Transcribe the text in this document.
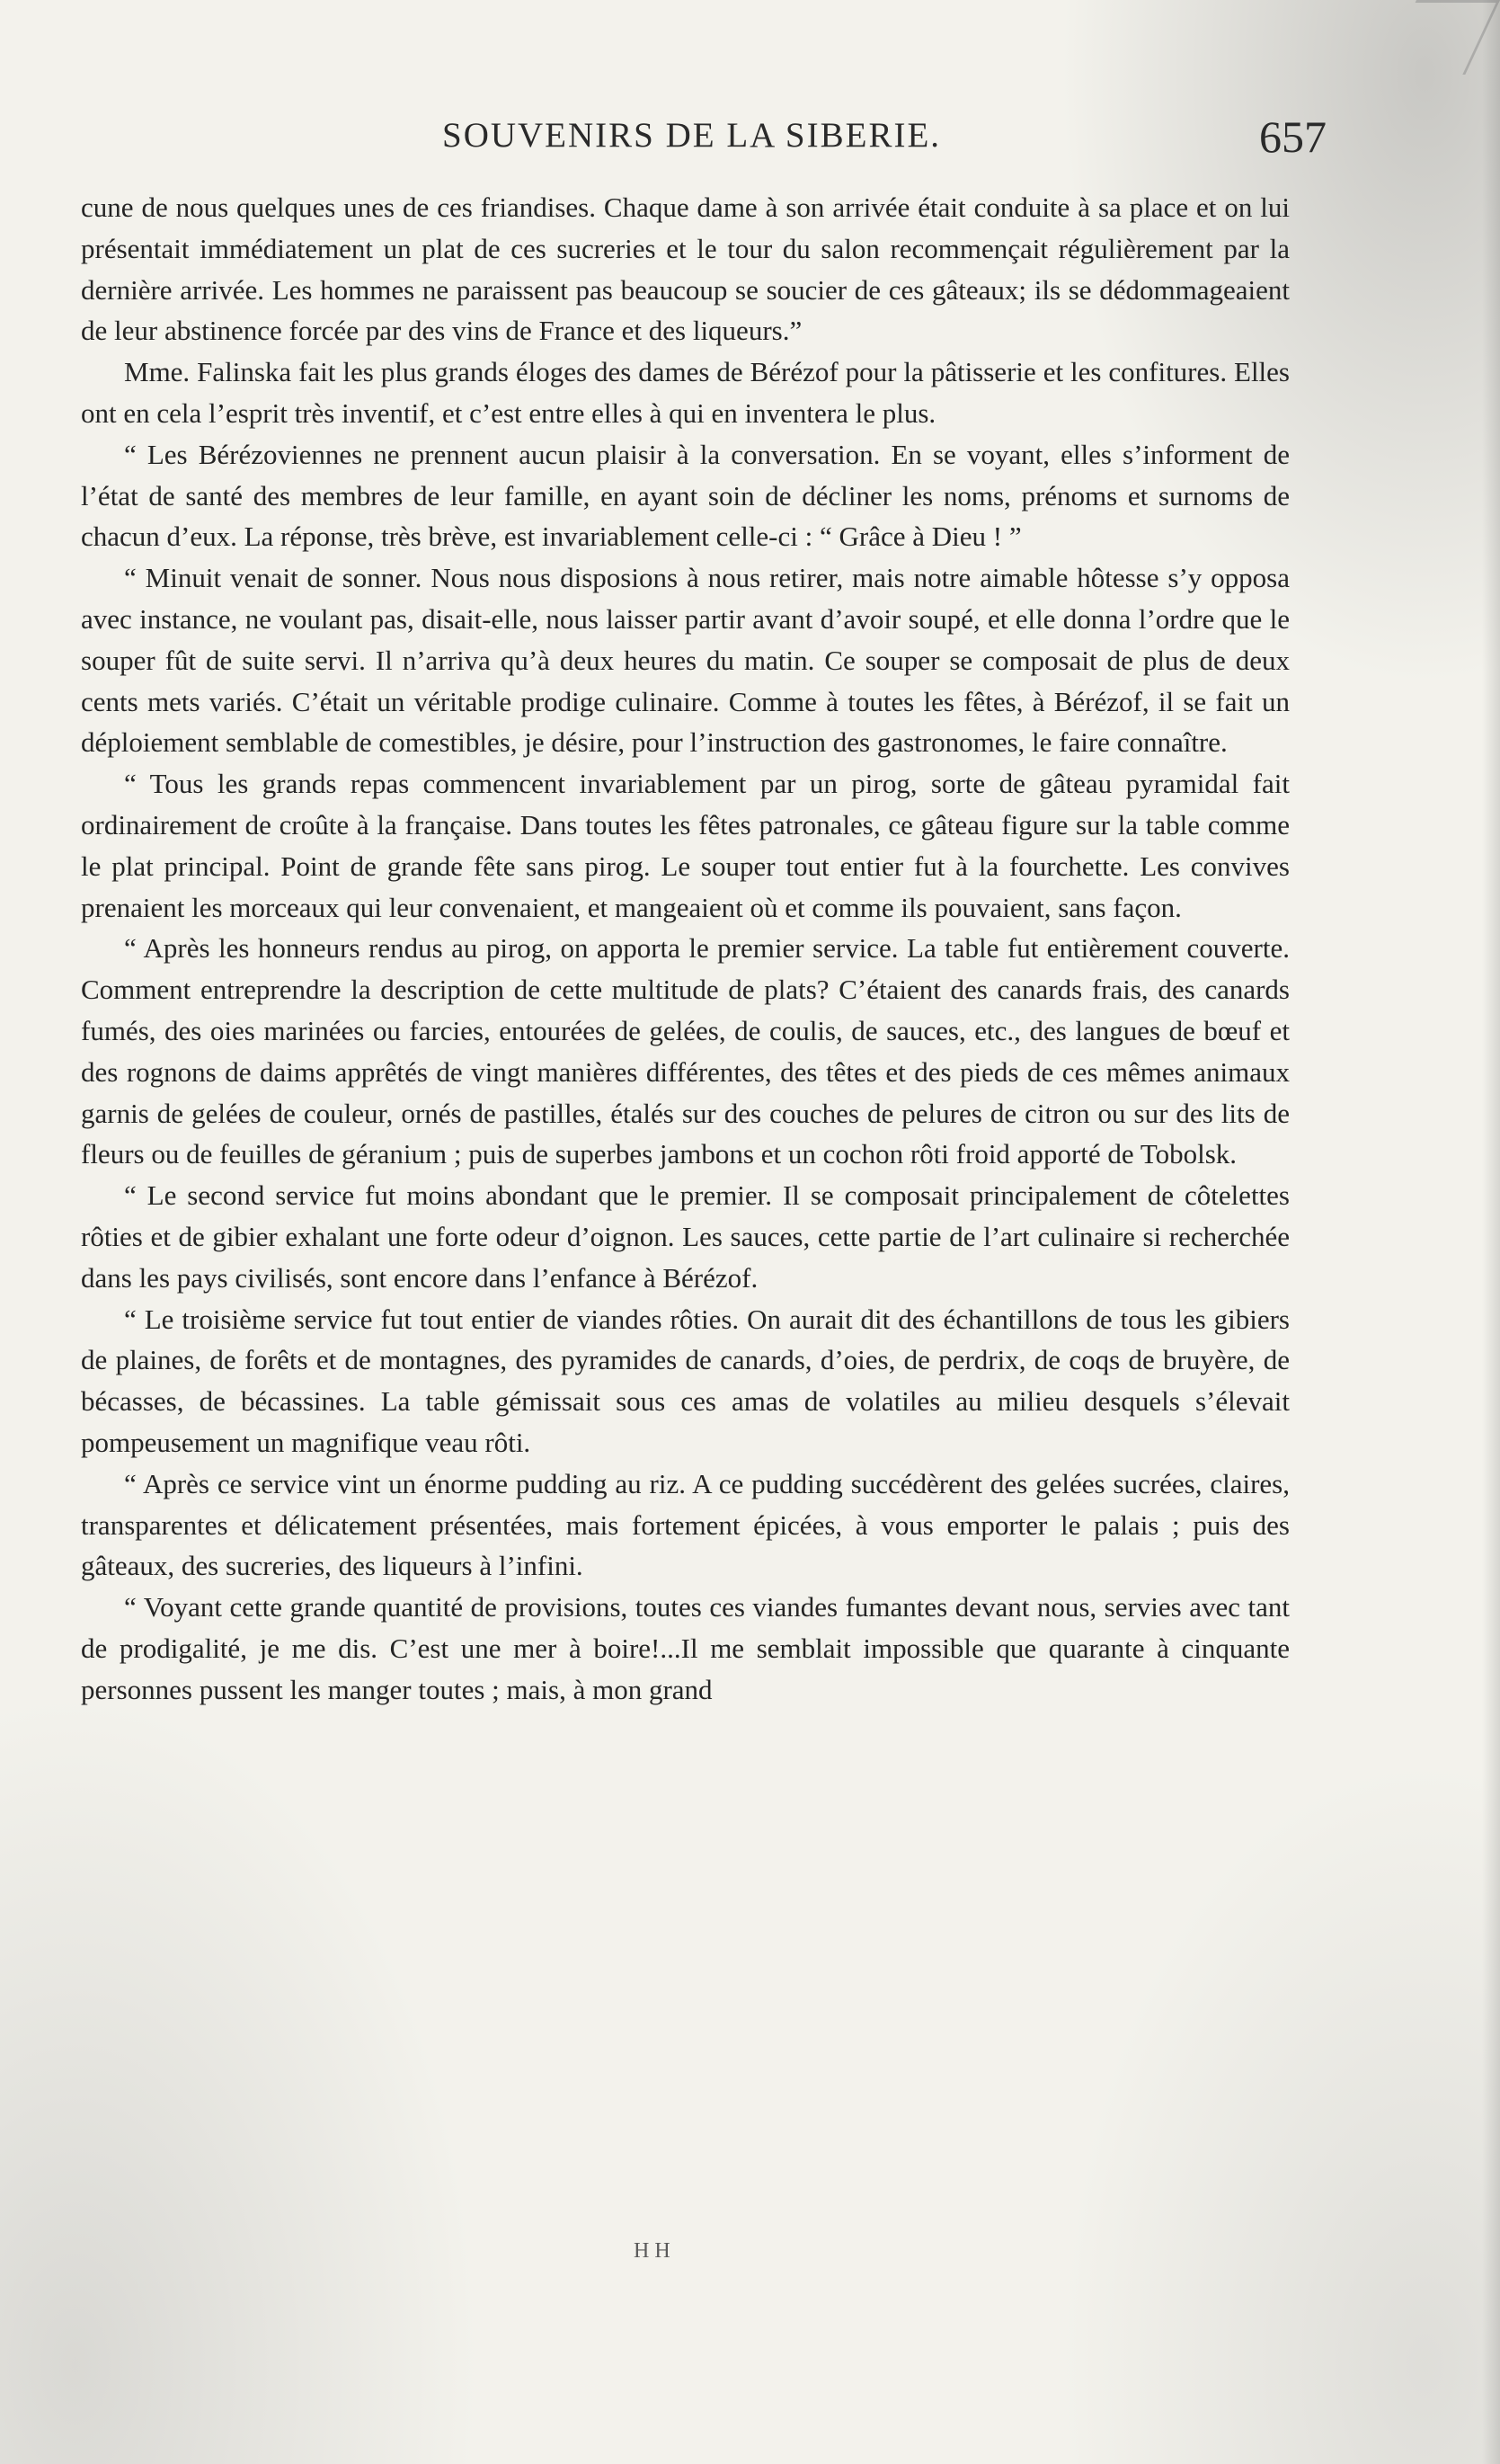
SOUVENIRS DE LA SIBERIE.	657

cune de nous quelques unes de ces friandises. Chaque dame à son arrivée était conduite à sa place et on lui présentait immédiatement un plat de ces sucreries et le tour du salon recommençait régulièrement par la dernière arrivée. Les hommes ne paraissent pas beaucoup se soucier de ces gâteaux; ils se dédommageaient de leur abstinence forcée par des vins de France et des liqueurs.”

Mme. Falinska fait les plus grands éloges des dames de Bérézof pour la pâtisserie et les confitures. Elles ont en cela l’esprit très inventif, et c’est entre elles à qui en inventera le plus.

“ Les Bérézoviennes ne prennent aucun plaisir à la conversation. En se voyant, elles s’informent de l’état de santé des membres de leur famille, en ayant soin de décliner les noms, prénoms et surnoms de chacun d’eux. La réponse, très brève, est invariablement celle-ci : “ Grâce à Dieu ! ”

“ Minuit venait de sonner. Nous nous disposions à nous retirer, mais notre aimable hôtesse s’y opposa avec instance, ne voulant pas, disait-elle, nous laisser partir avant d’avoir soupé, et elle donna l’ordre que le souper fût de suite servi. Il n’arriva qu’à deux heures du matin. Ce souper se composait de plus de deux cents mets variés. C’était un véritable prodige culinaire. Comme à toutes les fêtes, à Bérézof, il se fait un déploiement semblable de comestibles, je désire, pour l’instruction des gastronomes, le faire connaître.

“ Tous les grands repas commencent invariablement par un pirog, sorte de gâteau pyramidal fait ordinairement de croûte à la française. Dans toutes les fêtes patronales, ce gâteau figure sur la table comme le plat principal. Point de grande fête sans pirog. Le souper tout entier fut à la fourchette. Les convives prenaient les morceaux qui leur convenaient, et mangeaient où et comme ils pouvaient, sans façon.

“ Après les honneurs rendus au pirog, on apporta le premier service. La table fut entièrement couverte. Comment entreprendre la description de cette multitude de plats? C’étaient des canards frais, des canards fumés, des oies marinées ou farcies, entourées de gelées, de coulis, de sauces, etc., des langues de bœuf et des rognons de daims apprêtés de vingt manières différentes, des têtes et des pieds de ces mêmes animaux garnis de gelées de couleur, ornés de pastilles, étalés sur des couches de pelures de citron ou sur des lits de fleurs ou de feuilles de géranium ; puis de superbes jambons et un cochon rôti froid apporté de Tobolsk.

“ Le second service fut moins abondant que le premier. Il se composait principalement de côtelettes rôties et de gibier exhalant une forte odeur d’oignon. Les sauces, cette partie de l’art culinaire si recherchée dans les pays civilisés, sont encore dans l’enfance à Bérézof.

“ Le troisième service fut tout entier de viandes rôties. On aurait dit des échantillons de tous les gibiers de plaines, de forêts et de montagnes, des pyramides de canards, d’oies, de perdrix, de coqs de bruyère, de bécasses, de bécassines. La table gémissait sous ces amas de volatiles au milieu desquels s’élevait pompeusement un magnifique veau rôti.

“ Après ce service vint un énorme pudding au riz. A ce pudding succédèrent des gelées sucrées, claires, transparentes et délicatement présentées, mais fortement épicées, à vous emporter le palais ; puis des gâteaux, des sucreries, des liqueurs à l’infini.

“ Voyant cette grande quantité de provisions, toutes ces viandes fumantes devant nous, servies avec tant de prodigalité, je me dis. C’est une mer à boire!...Il me semblait impossible que quarante à cinquante personnes pussent les manger toutes ; mais, à mon grand

H H
